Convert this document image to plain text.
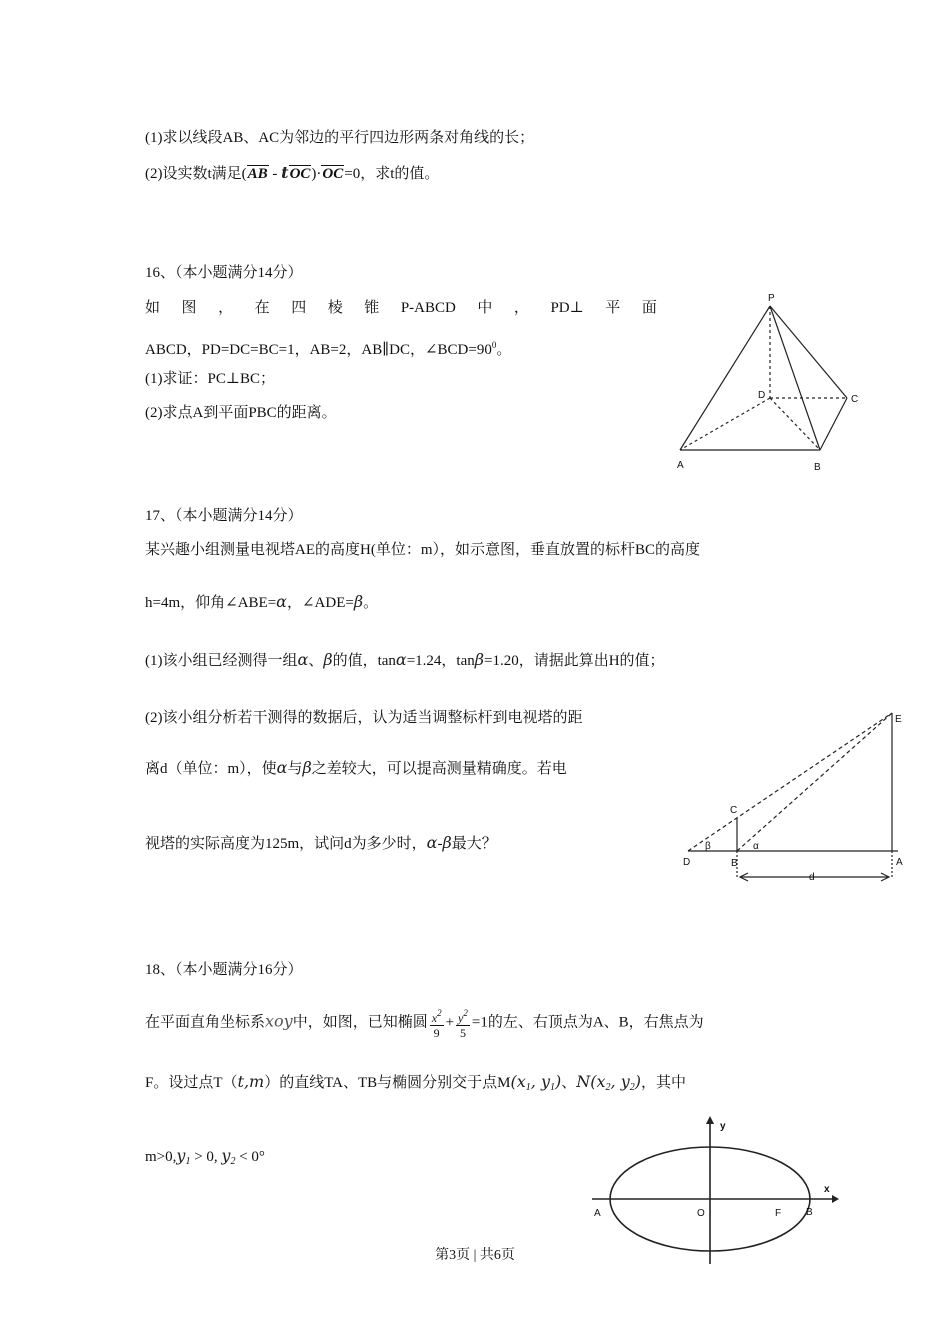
(1)求以线段AB、AC为邻边的平行四边形两条对角线的长；
(2)设实数t满足(AB - tOC)·OC=0，求t的值。
16、（本小题满分14分）
如 图 ， 在 四 棱 锥 P-ABCD 中 ， PD⊥ 平 面
ABCD，PD=DC=BC=1，AB=2，AB∥DC，$\angle BCD=90^0$。
(1)求证：PC⊥BC；
(2)求点A到平面PBC的距离。
P
D	C
A	B
17、（本小题满分14分）
某兴趣小组测量电视塔AE的高度H(单位：m），如示意图，垂直放置的标杆BC的高度
h=4m，仰角∠ABE=α，∠ADE=β。
(1)该小组已经测得一组α、β的值，tanα=1.24，tanβ=1.20，请据此算出H的值；
(2)该小组分析若干测得的数据后，认为适当调整标杆到电视塔的距
离d（单位：m），使α与β之差较大，可以提高测量精确度。若电
视塔的实际高度为125m，试问d为多少时，α-β最大？
E
C
D	B	A
d
α
β
18、（本小题满分16分）
在平面直角坐标系xoy中，如图，已知椭圆 $\frac{x^2}{9} + \frac{y^2}{5} =1$的左、右顶点为A、B，右焦点为
F。设过点T（t,m）的直线TA、TB与椭圆分别交于点$M(x_1$, $y_1$)、$N(x_2$, $y_2$)，其中
$m>0,y_1 > 0$, $y_2 < 0^\circ$
y
x
A	O	F B
第3页 | 共6页
